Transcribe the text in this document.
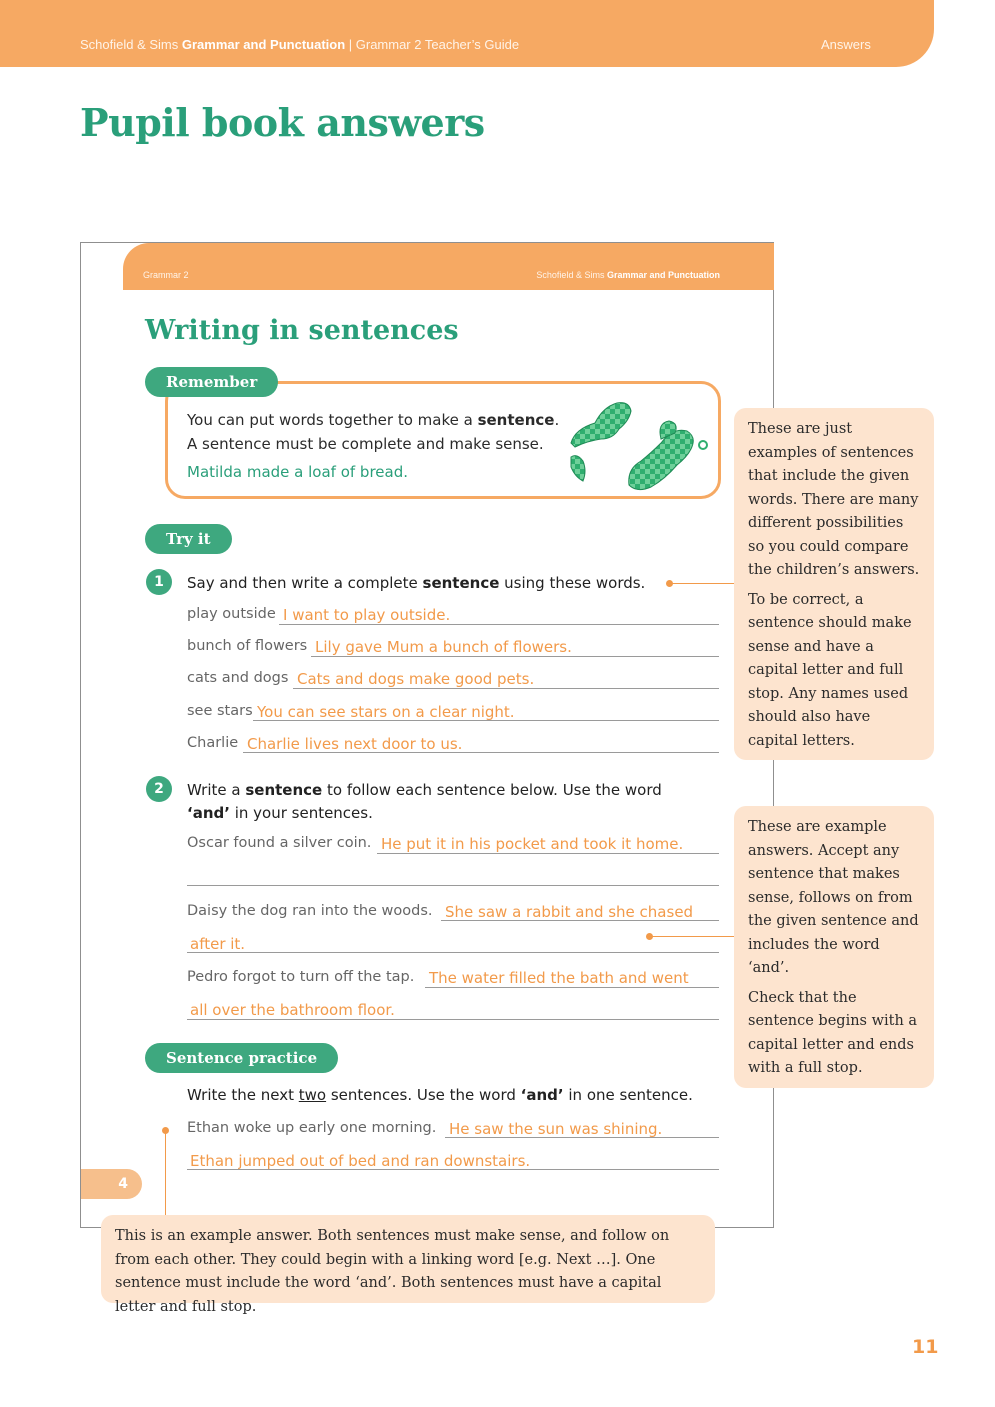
Schofield & Sims Grammar and Punctuation | Grammar 2 Teacher’s Guide	Answers
Pupil book answers
Grammar 2	Schofield & Sims Grammar and Punctuation
Writing in sentences
Remember
You can put words together to make a sentence.
A sentence must be complete and make sense.
Matilda made a loaf of bread.
Try it
1	Say and then write a complete sentence using these words.
play outside I want to play outside.
bunch of flowers Lily gave Mum a bunch of flowers.
cats and dogs Cats and dogs make good pets.
see stars You can see stars on a clear night.
Charlie Charlie lives next door to us.
2	Write a sentence to follow each sentence below. Use the word
‘and’ in your sentences.
Oscar found a silver coin. He put it in his pocket and took it home.
Daisy the dog ran into the woods. She saw a rabbit and she chased
after it.
Pedro forgot to turn off the tap. The water filled the bath and went
all over the bathroom floor.
Sentence practice
Write the next two sentences. Use the word ‘and’ in one sentence.
Ethan woke up early one morning. He saw the sun was shining.
Ethan jumped out of bed and ran downstairs.
4

These are just examples of sentences that include the given words. There are many different possibilities so you could compare the children’s answers.

To be correct, a sentence should make sense and have a capital letter and full stop. Any names used should also have capital letters.

These are example answers. Accept any sentence that makes sense, follows on from the given sentence and includes the word ‘and’.

Check that the sentence begins with a capital letter and ends with a full stop.

This is an example answer. Both sentences must make sense, and follow on from each other. They could begin with a linking word [e.g. Next …]. One sentence must include the word ‘and’. Both sentences must have a capital letter and full stop.
11
